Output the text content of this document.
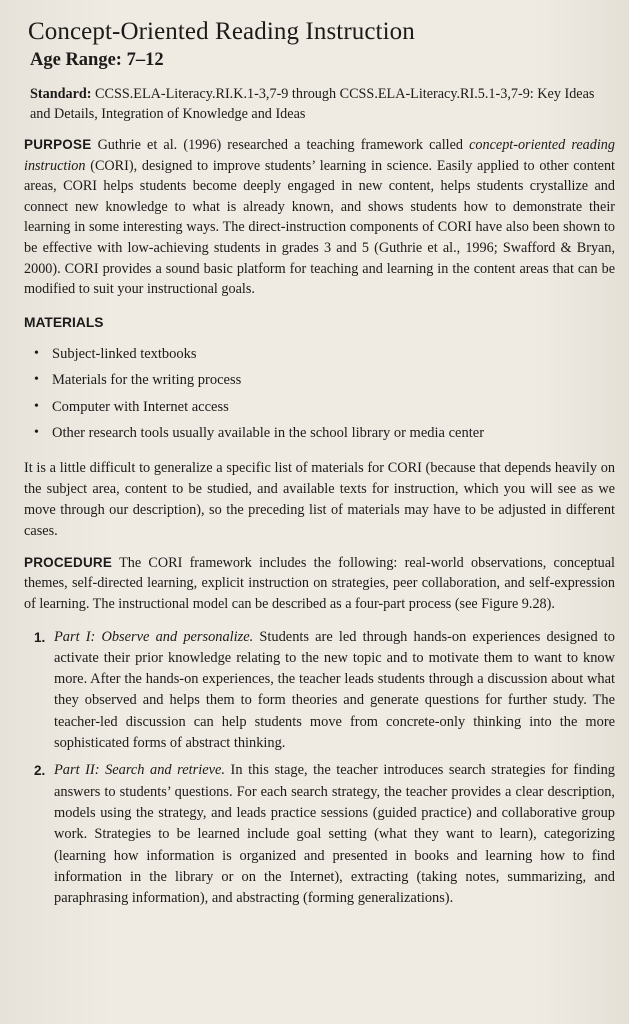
Concept-Oriented Reading Instruction
Age Range: 7–12
Standard: CCSS.ELA-Literacy.RI.K.1-3,7-9 through CCSS.ELA-Literacy.RI.5.1-3,7-9: Key Ideas and Details, Integration of Knowledge and Ideas
PURPOSE Guthrie et al. (1996) researched a teaching framework called concept-oriented reading instruction (CORI), designed to improve students’ learning in science. Easily applied to other content areas, CORI helps students become deeply engaged in new content, helps students crystallize and connect new knowledge to what is already known, and shows students how to demonstrate their learning in some interesting ways. The direct-instruction components of CORI have also been shown to be effective with low-achieving students in grades 3 and 5 (Guthrie et al., 1996; Swafford & Bryan, 2000). CORI provides a sound basic platform for teaching and learning in the content areas that can be modified to suit your instructional goals.
MATERIALS
• Subject-linked textbooks
• Materials for the writing process
• Computer with Internet access
• Other research tools usually available in the school library or media center
It is a little difficult to generalize a specific list of materials for CORI (because that depends heavily on the subject area, content to be studied, and available texts for instruction, which you will see as we move through our description), so the preceding list of materials may have to be adjusted in different cases.
PROCEDURE The CORI framework includes the following: real-world observations, conceptual themes, self-directed learning, explicit instruction on strategies, peer collaboration, and self-expression of learning. The instructional model can be described as a four-part process (see Figure 9.28).
1. Part I: Observe and personalize. Students are led through hands-on experiences designed to activate their prior knowledge relating to the new topic and to motivate them to want to know more. After the hands-on experiences, the teacher leads students through a discussion about what they observed and helps them to form theories and generate questions for further study. The teacher-led discussion can help students move from concrete-only thinking into the more sophisticated forms of abstract thinking.
2. Part II: Search and retrieve. In this stage, the teacher introduces search strategies for finding answers to students’ questions. For each search strategy, the teacher provides a clear description, models using the strategy, and leads practice sessions (guided practice) and collaborative group work. Strategies to be learned include goal setting (what they want to learn), categorizing (learning how information is organized and presented in books and learning how to find information in the library or on the Internet), extracting (taking notes, summarizing, and paraphrasing information), and abstracting (forming generalizations).
